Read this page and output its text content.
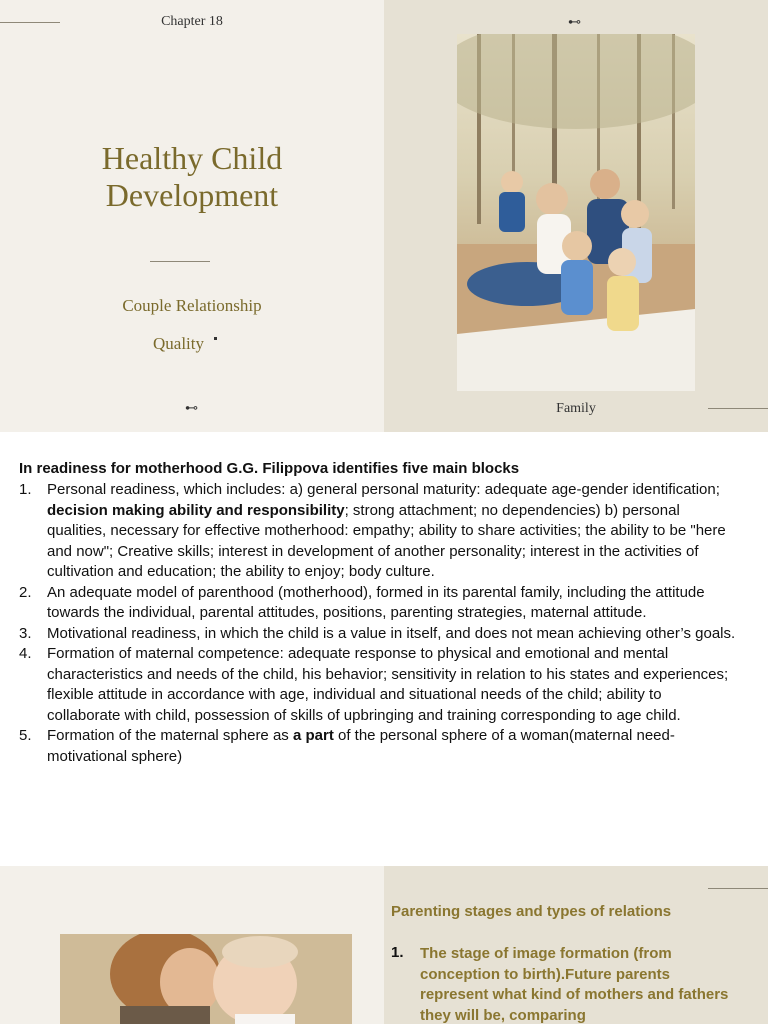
Chapter 18
Healthy Child
Development
Couple Relationship
Quality
⊷
⊷
Family
In readiness for motherhood G.G. Filippova identifies five main blocks
1. Personal readiness, which includes: a) general personal maturity: adequate age-gender identification; decision making ability and responsibility; strong attachment; no dependencies) b) personal qualities, necessary for effective motherhood: empathy; ability to share activities; the ability to be "here and now"; Creative skills; interest in development of another personality; interest in the activities of cultivation and education; the ability to enjoy; body culture.
2. An adequate model of parenthood (motherhood), formed in its parental family, including the attitude towards the individual, parental attitudes, positions, parenting strategies, maternal attitude.
3. Motivational readiness, in which the child is a value in itself, and does not mean achieving other’s goals.
4. Formation of maternal competence: adequate response to physical and emotional and mental characteristics and needs of the child, his behavior; sensitivity in relation to his states and experiences; flexible attitude in accordance with age, individual and situational needs of the child; ability to collaborate with child, possession of skills of upbringing and training corresponding to age child.
5. Formation of the maternal sphere as a part of the personal sphere of a woman(maternal need-motivational sphere)
Parenting stages and types of relations
1. The stage of image formation (from conception to birth).Future parents represent what kind of mothers and fathers they will be, comparing
